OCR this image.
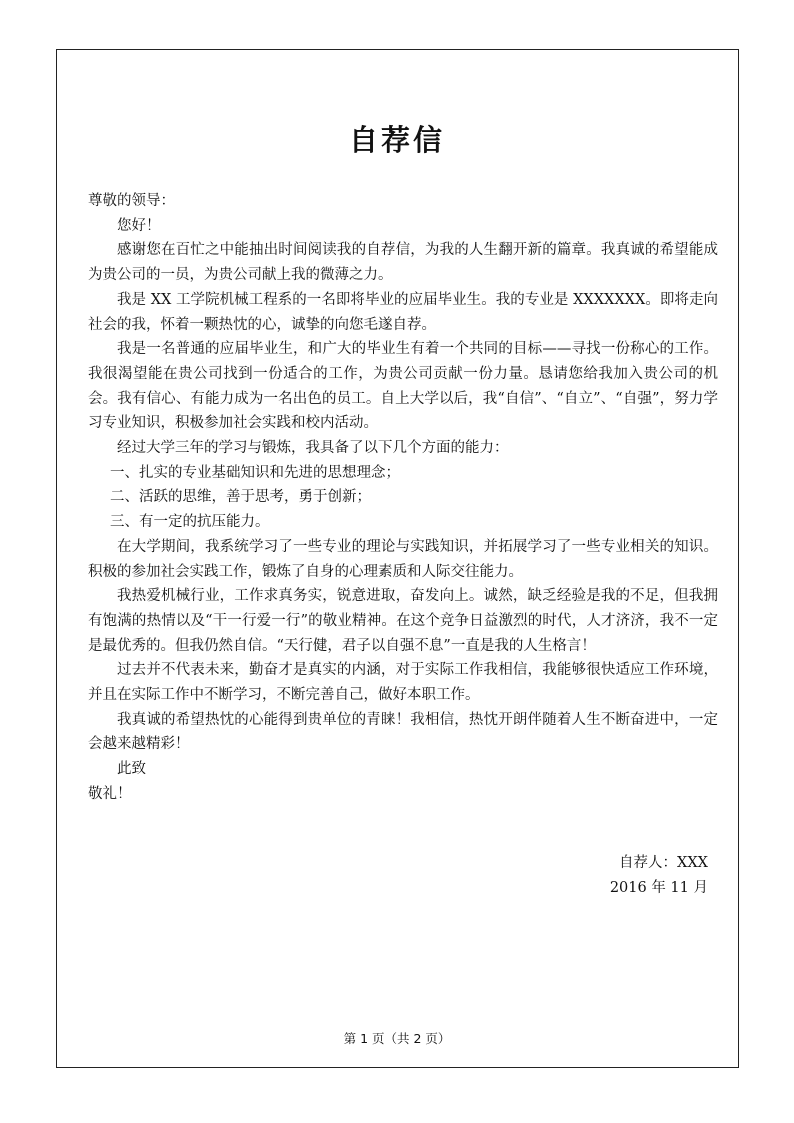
自荐信

尊敬的领导：

您好！

感谢您在百忙之中能抽出时间阅读我的自荐信，为我的人生翻开新的篇章。我真诚的希望能成为贵公司的一员，为贵公司献上我的微薄之力。

我是 XX 工学院机械工程系的一名即将毕业的应届毕业生。我的专业是 XXXXXXX。即将走向社会的我，怀着一颗热忱的心，诚挚的向您毛遂自荐。

我是一名普通的应届毕业生，和广大的毕业生有着一个共同的目标——寻找一份称心的工作。我很渴望能在贵公司找到一份适合的工作，为贵公司贡献一份力量。恳请您给我加入贵公司的机会。我有信心、有能力成为一名出色的员工。自上大学以后，我“自信”、“自立”、“自强”，努力学习专业知识，积极参加社会实践和校内活动。

经过大学三年的学习与锻炼，我具备了以下几个方面的能力：

一、扎实的专业基础知识和先进的思想理念；

二、活跃的思维，善于思考，勇于创新；

三、有一定的抗压能力。

在大学期间，我系统学习了一些专业的理论与实践知识，并拓展学习了一些专业相关的知识。积极的参加社会实践工作，锻炼了自身的心理素质和人际交往能力。

我热爱机械行业，工作求真务实，锐意进取，奋发向上。诚然，缺乏经验是我的不足，但我拥有饱满的热情以及“干一行爱一行”的敬业精神。在这个竞争日益激烈的时代，人才济济，我不一定是最优秀的。但我仍然自信。“天行健，君子以自强不息”一直是我的人生格言！

过去并不代表未来，勤奋才是真实的内涵，对于实际工作我相信，我能够很快适应工作环境，并且在实际工作中不断学习，不断完善自己，做好本职工作。

我真诚的希望热忱的心能得到贵单位的青睐！我相信，热忱开朗伴随着人生不断奋进中，一定会越来越精彩！

此致

敬礼！

自荐人：XXX
2016 年 11 月
第 1 页（共 2 页）
